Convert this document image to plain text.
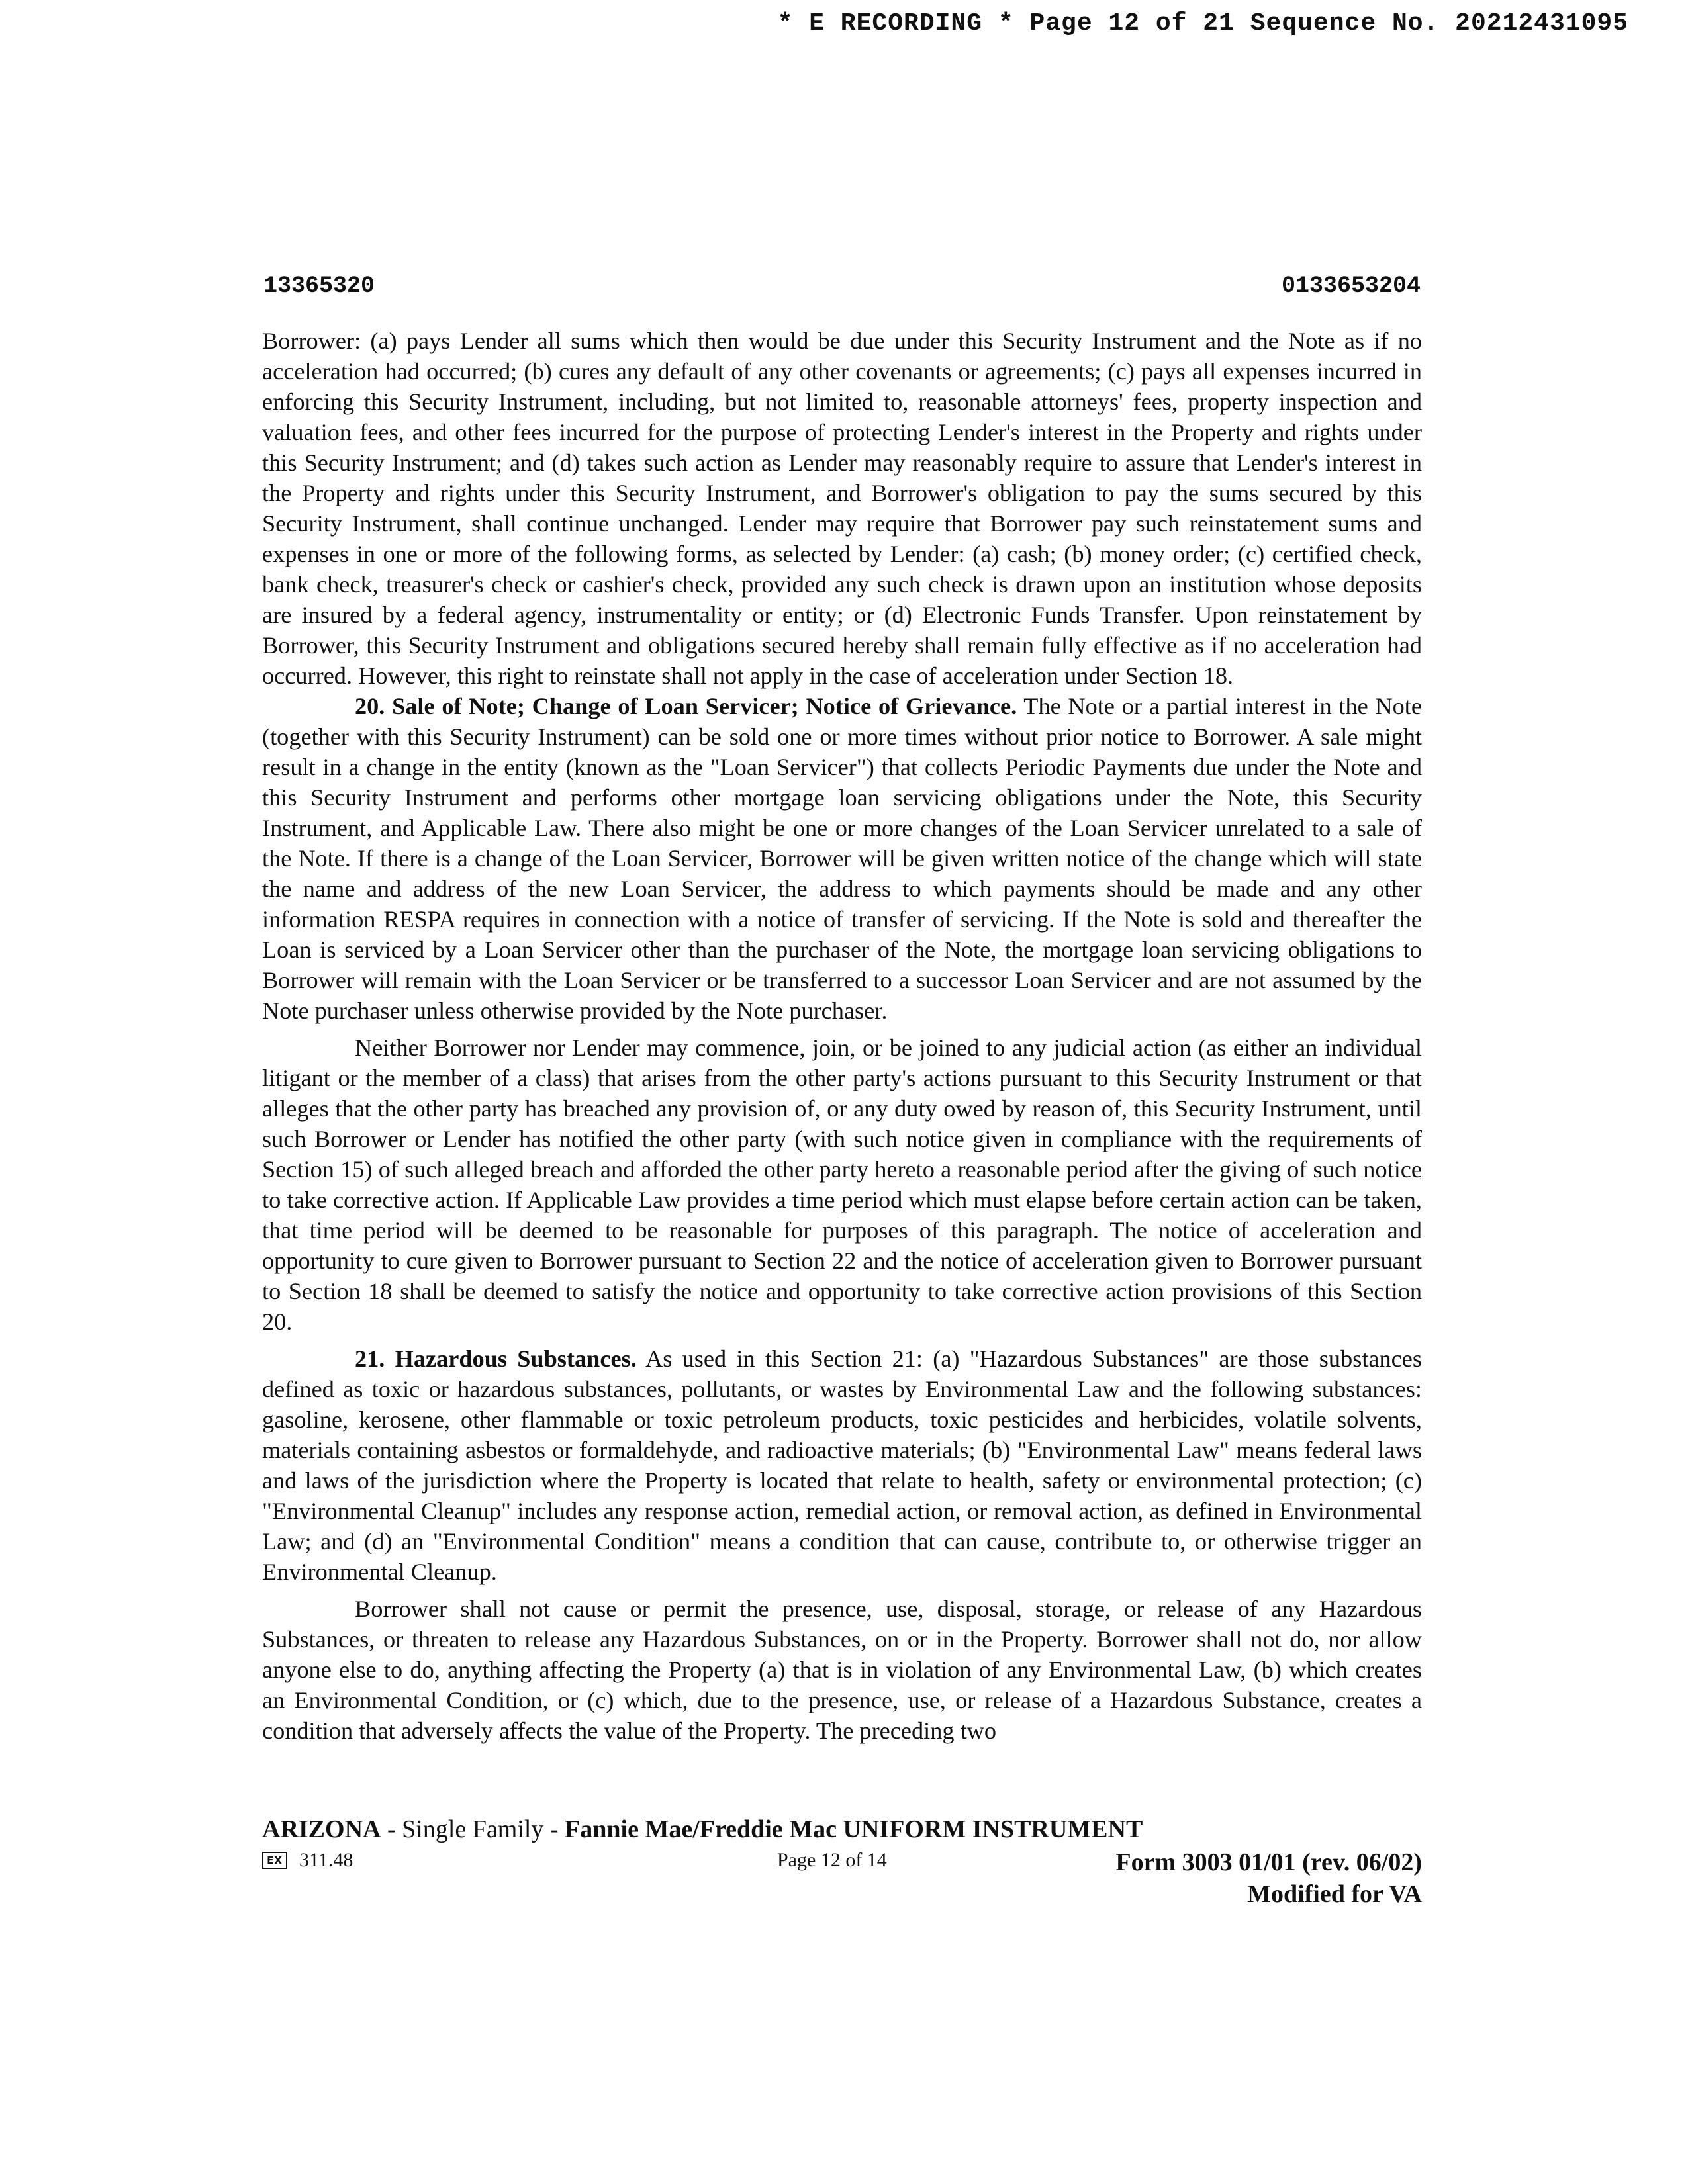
* E RECORDING * Page 12 of 21 Sequence No. 20212431095
13365320	0133653204

Borrower: (a) pays Lender all sums which then would be due under this Security Instrument and the Note as if no acceleration had occurred; (b) cures any default of any other covenants or agreements; (c) pays all expenses incurred in enforcing this Security Instrument, including, but not limited to, reasonable attorneys' fees, property inspection and valuation fees, and other fees incurred for the purpose of protecting Lender's interest in the Property and rights under this Security Instrument; and (d) takes such action as Lender may reasonably require to assure that Lender's interest in the Property and rights under this Security Instrument, and Borrower's obligation to pay the sums secured by this Security Instrument, shall continue unchanged. Lender may require that Borrower pay such reinstatement sums and expenses in one or more of the following forms, as selected by Lender: (a) cash; (b) money order; (c) certified check, bank check, treasurer's check or cashier's check, provided any such check is drawn upon an institution whose deposits are insured by a federal agency, instrumentality or entity; or (d) Electronic Funds Transfer. Upon reinstatement by Borrower, this Security Instrument and obligations secured hereby shall remain fully effective as if no acceleration had occurred. However, this right to reinstate shall not apply in the case of acceleration under Section 18.

20. Sale of Note; Change of Loan Servicer; Notice of Grievance. The Note or a partial interest in the Note (together with this Security Instrument) can be sold one or more times without prior notice to Borrower. A sale might result in a change in the entity (known as the "Loan Servicer") that collects Periodic Payments due under the Note and this Security Instrument and performs other mortgage loan servicing obligations under the Note, this Security Instrument, and Applicable Law. There also might be one or more changes of the Loan Servicer unrelated to a sale of the Note. If there is a change of the Loan Servicer, Borrower will be given written notice of the change which will state the name and address of the new Loan Servicer, the address to which payments should be made and any other information RESPA requires in connection with a notice of transfer of servicing. If the Note is sold and thereafter the Loan is serviced by a Loan Servicer other than the purchaser of the Note, the mortgage loan servicing obligations to Borrower will remain with the Loan Servicer or be transferred to a successor Loan Servicer and are not assumed by the Note purchaser unless otherwise provided by the Note purchaser.

Neither Borrower nor Lender may commence, join, or be joined to any judicial action (as either an individual litigant or the member of a class) that arises from the other party's actions pursuant to this Security Instrument or that alleges that the other party has breached any provision of, or any duty owed by reason of, this Security Instrument, until such Borrower or Lender has notified the other party (with such notice given in compliance with the requirements of Section 15) of such alleged breach and afforded the other party hereto a reasonable period after the giving of such notice to take corrective action. If Applicable Law provides a time period which must elapse before certain action can be taken, that time period will be deemed to be reasonable for purposes of this paragraph. The notice of acceleration and opportunity to cure given to Borrower pursuant to Section 22 and the notice of acceleration given to Borrower pursuant to Section 18 shall be deemed to satisfy the notice and opportunity to take corrective action provisions of this Section 20.

21. Hazardous Substances. As used in this Section 21: (a) "Hazardous Substances" are those substances defined as toxic or hazardous substances, pollutants, or wastes by Environmental Law and the following substances: gasoline, kerosene, other flammable or toxic petroleum products, toxic pesticides and herbicides, volatile solvents, materials containing asbestos or formaldehyde, and radioactive materials; (b) "Environmental Law" means federal laws and laws of the jurisdiction where the Property is located that relate to health, safety or environmental protection; (c) "Environmental Cleanup" includes any response action, remedial action, or removal action, as defined in Environmental Law; and (d) an "Environmental Condition" means a condition that can cause, contribute to, or otherwise trigger an Environmental Cleanup.

Borrower shall not cause or permit the presence, use, disposal, storage, or release of any Hazardous Substances, or threaten to release any Hazardous Substances, on or in the Property. Borrower shall not do, nor allow anyone else to do, anything affecting the Property (a) that is in violation of any Environmental Law, (b) which creates an Environmental Condition, or (c) which, due to the presence, use, or release of a Hazardous Substance, creates a condition that adversely affects the value of the Property. The preceding two

ARIZONA - Single Family - Fannie Mae/Freddie Mac UNIFORM INSTRUMENT
EX 311.48	Page 12 of 14	Form 3003 01/01 (rev. 06/02)
Modified for VA
